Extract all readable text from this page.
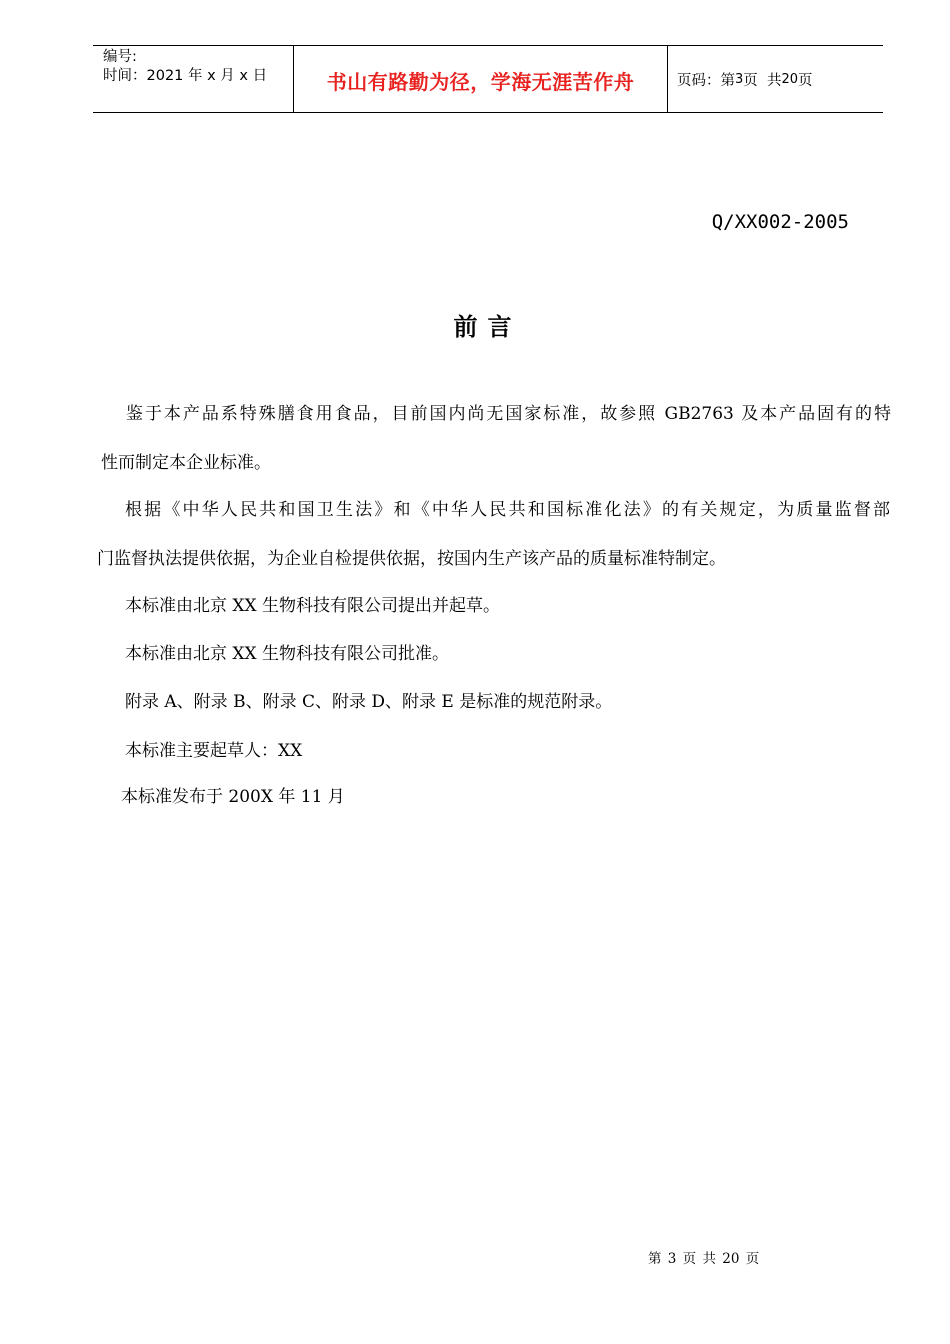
编号:
时间：2021 年 x 月 x 日	书山有路勤为径，学海无涯苦作舟	页码：第 3 页  共 20 页
Q/XX002-2005
前言
鉴于本产品系特殊膳食用食品，目前国内尚无国家标准，故参照 GB2763 及本产品固有的特
性而制定本企业标准。
根据《中华人民共和国卫生法》和《中华人民共和国标准化法》的有关规定，为质量监督部
门监督执法提供依据，为企业自检提供依据，按国内生产该产品的质量标准特制定。
本标准由北京 XX 生物科技有限公司提出并起草。
本标准由北京 XX 生物科技有限公司批准。
附录 A、附录 B、附录 C、附录 D、附录 E 是标准的规范附录。
本标准主要起草人：XX
本标准发布于 200X 年 11 月
第 3 页 共 20 页
